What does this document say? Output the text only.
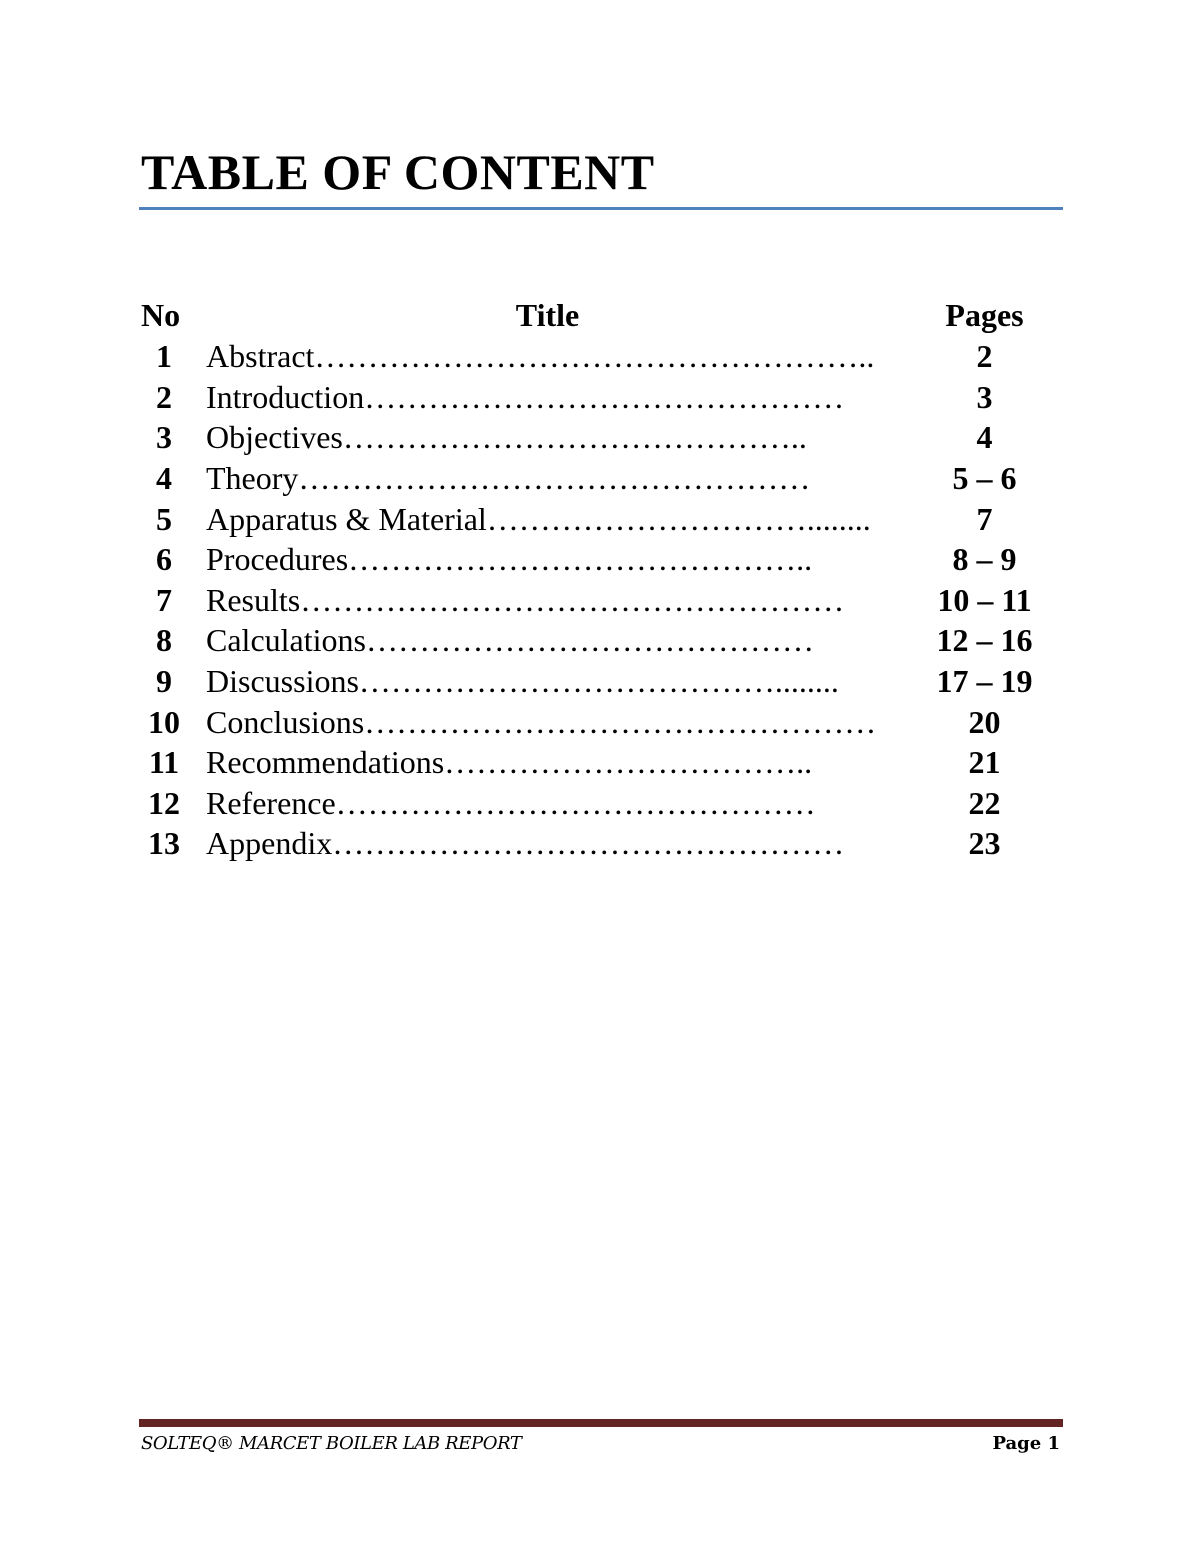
TABLE OF CONTENT
No	Title	Pages
1	Abstract……………………………………………..	2
2	Introduction………………………………………	3
3	Objectives……………………………………..	4
4	Theory…………………………………………	5 – 6
5	Apparatus & Material…………………………........	7
6	Procedures……………………………………..	8 – 9
7	Results……………………………………………	10 – 11
8	Calculations……………………………………	12 – 16
9	Discussions…………………………………........	17 – 19
10 Conclusions…………………………………………	20
11 Recommendations……………………………..	21
12 Reference………………………………………	22
13 Appendix…………………………………………	23
SOLTEQ® MARCET BOILER LAB REPORT	Page 1
